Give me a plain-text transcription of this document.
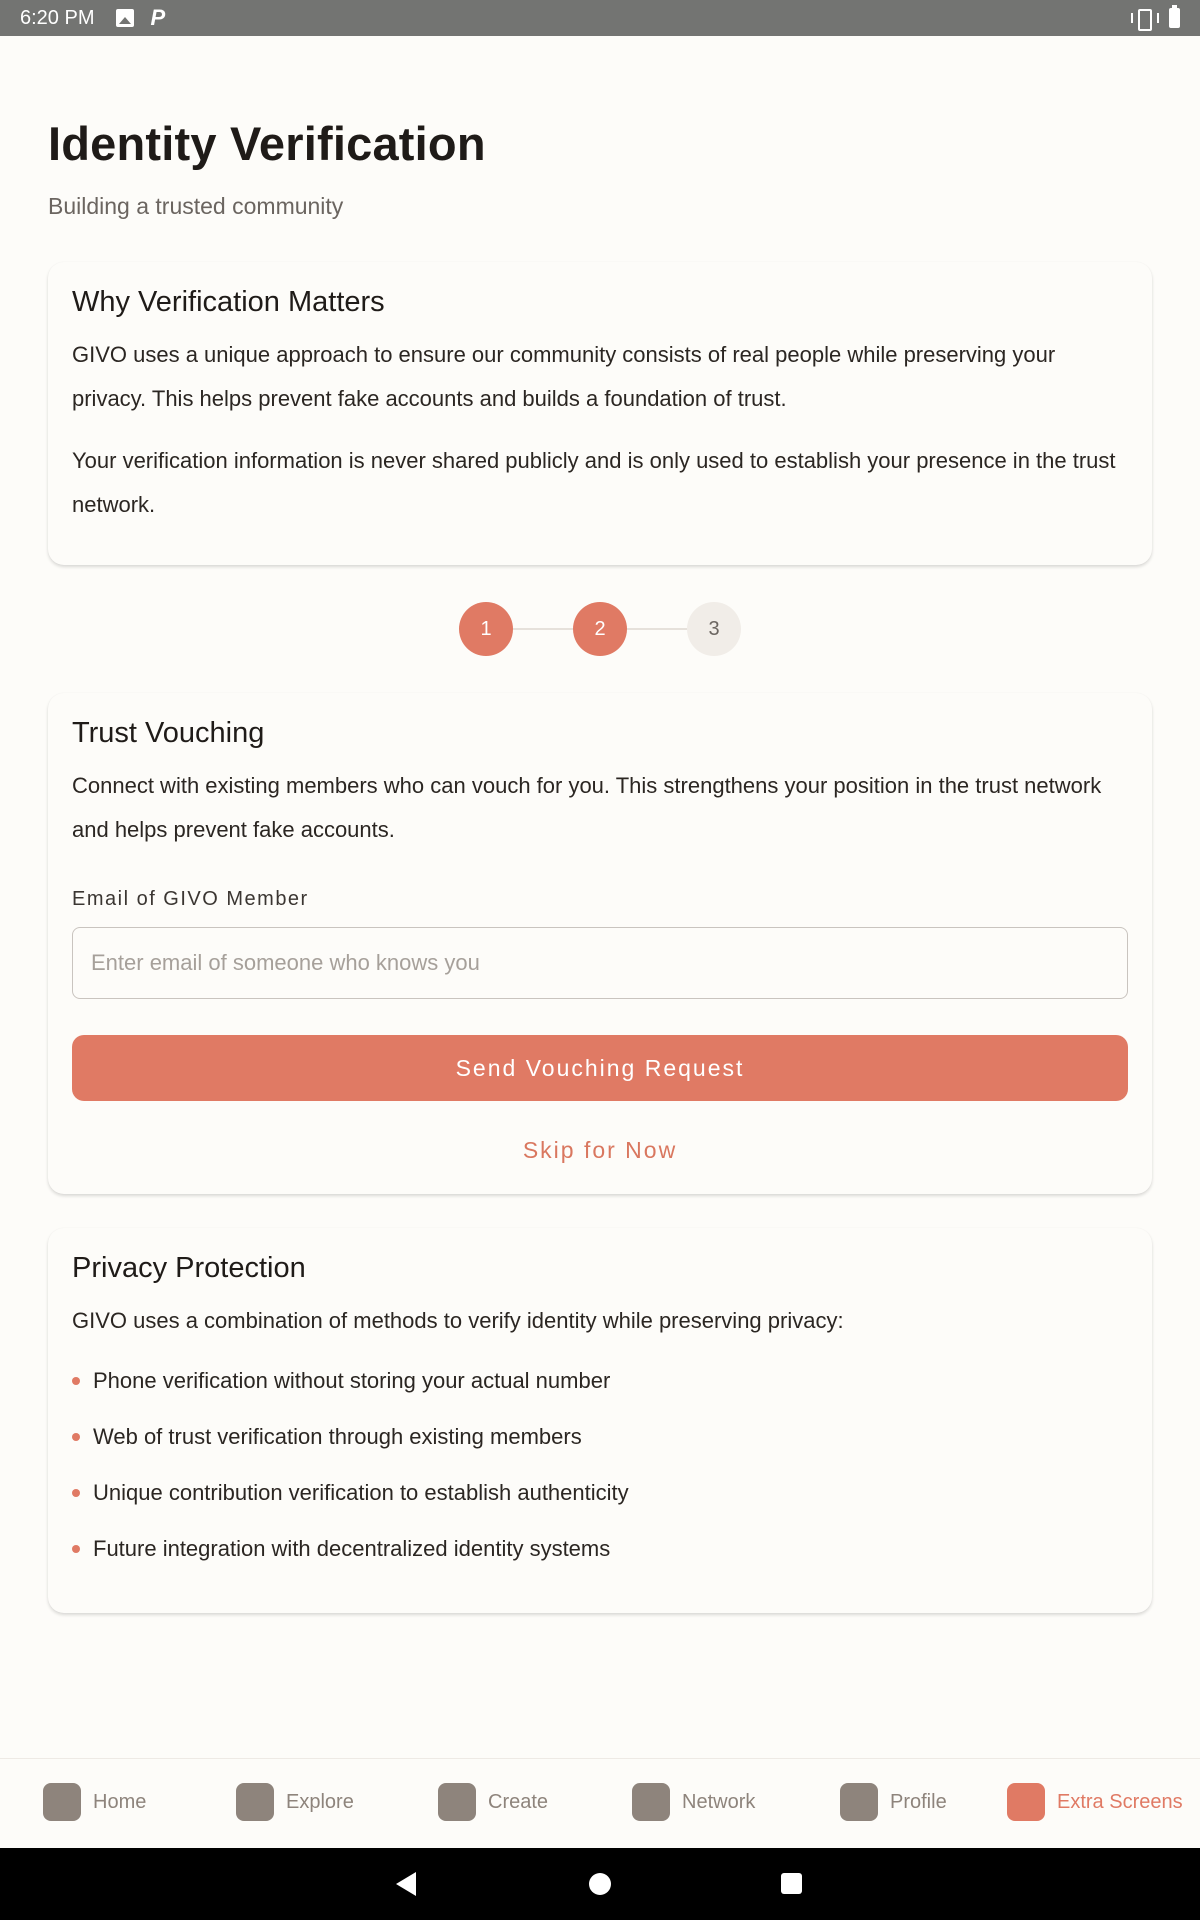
6:20 PM	P
Identity Verification
Building a trusted community
Why Verification Matters

GIVO uses a unique approach to ensure our community consists of real people while preserving your privacy. This helps prevent fake accounts and builds a foundation of trust.

Your verification information is never shared publicly and is only used to establish your presence in the trust network.

1	2	3
Trust Vouching

Connect with existing members who can vouch for you. This strengthens your position in the trust network and helps prevent fake accounts.

Email of GIVO Member
Enter email of someone who knows you Send Vouching Request
Skip for Now
Privacy Protection

GIVO uses a combination of methods to verify identity while preserving privacy:

Phone verification without storing your actual number
Web of trust verification through existing members
Unique contribution verification to establish authenticity
Future integration with decentralized identity systems
Home	Explore	Create	Network	Profile	Extra Screens
